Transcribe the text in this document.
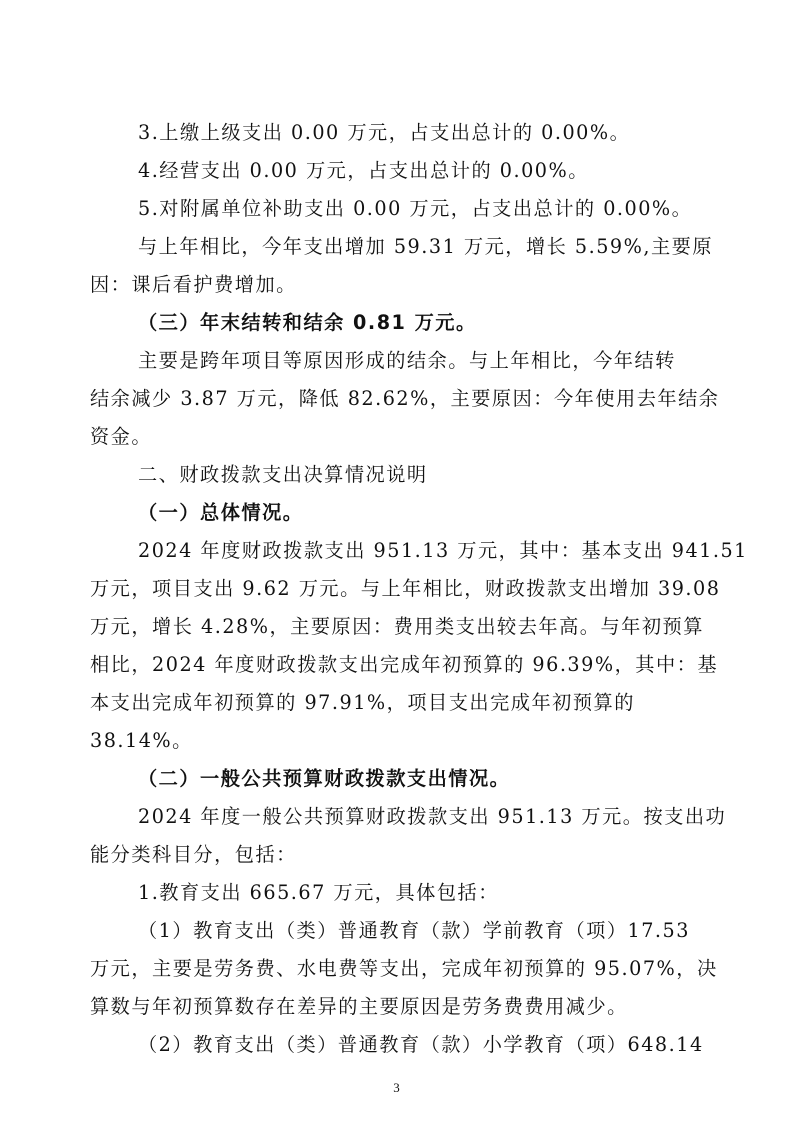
3.上缴上级支出 0.00 万元，占支出总计的 0.00%。
4.经营支出 0.00 万元，占支出总计的 0.00%。
5.对附属单位补助支出 0.00 万元，占支出总计的 0.00%。
与上年相比，今年支出增加 59.31 万元，增长 5.59%,主要原
因：课后看护费增加。
（三）年末结转和结余 0.81 万元。
主要是跨年项目等原因形成的结余。与上年相比，今年结转
结余减少 3.87 万元，降低 82.62%，主要原因：今年使用去年结余
资金。
二、财政拨款支出决算情况说明
（一）总体情况。
2024 年度财政拨款支出 951.13 万元，其中：基本支出 941.51
万元，项目支出 9.62 万元。与上年相比，财政拨款支出增加 39.08
万元，增长 4.28%，主要原因：费用类支出较去年高。与年初预算
相比，2024 年度财政拨款支出完成年初预算的 96.39%，其中：基
本支出完成年初预算的 97.91%，项目支出完成年初预算的
38.14%。
（二）一般公共预算财政拨款支出情况。
2024 年度一般公共预算财政拨款支出 951.13 万元。按支出功
能分类科目分，包括：
1.教育支出 665.67 万元，具体包括：
（1）教育支出（类）普通教育（款）学前教育（项）17.53
万元，主要是劳务费、水电费等支出，完成年初预算的 95.07%，决
算数与年初预算数存在差异的主要原因是劳务费费用减少。
（2）教育支出（类）普通教育（款）小学教育（项）648.14
3
